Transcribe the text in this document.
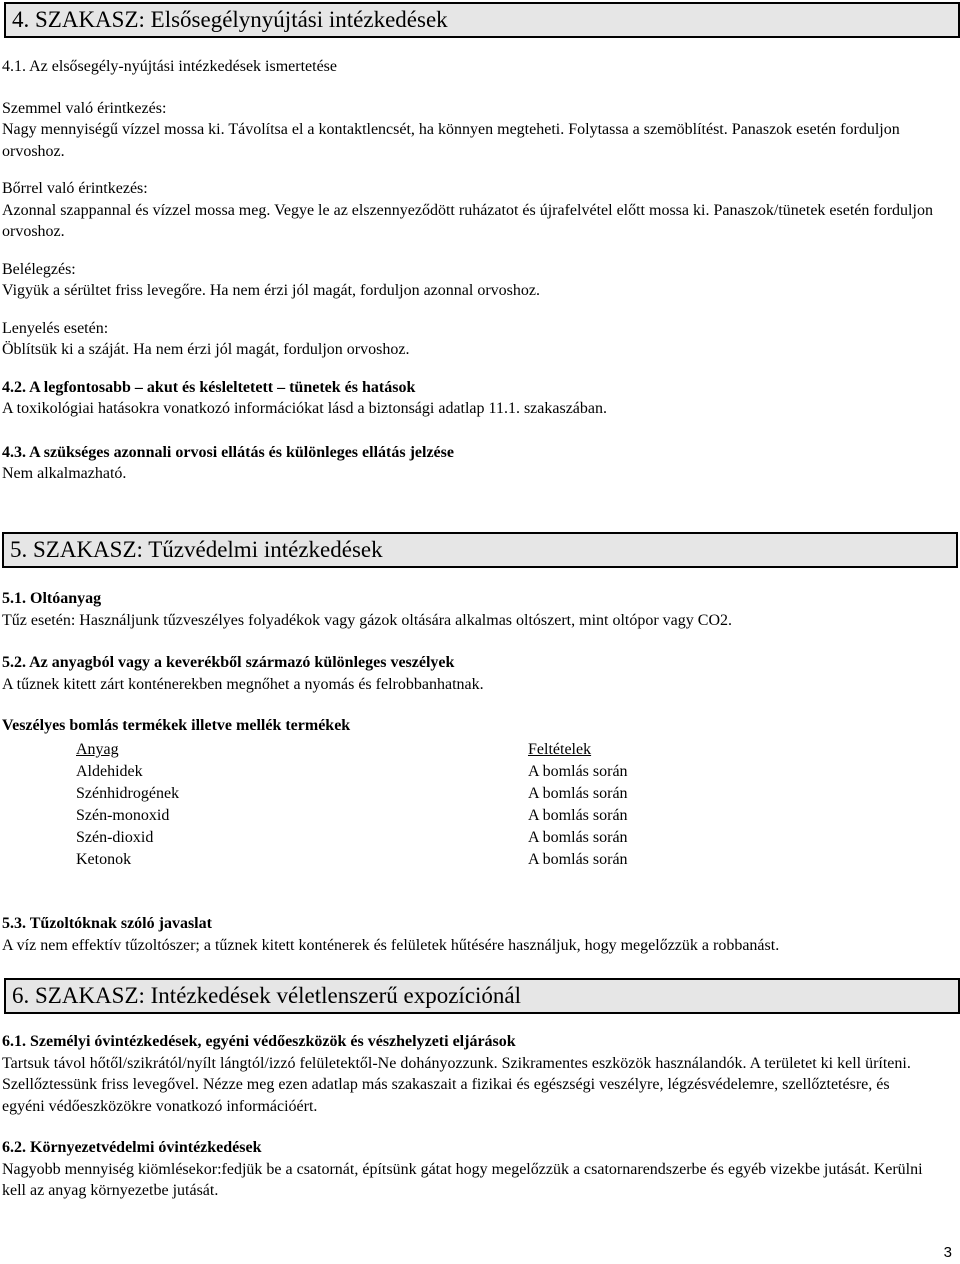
4. SZAKASZ: Elsősegélynyújtási intézkedések

4.1. Az elsősegély-nyújtási intézkedések ismertetése

Szemmel való érintkezés:

Nagy mennyiségű vízzel mossa ki. Távolítsa el a kontaktlencsét, ha könnyen megteheti. Folytassa a szemöblítést. Panaszok esetén forduljon orvoshoz.

Bőrrel való érintkezés:

Azonnal szappannal és vízzel mossa meg. Vegye le az elszennyeződött ruházatot és újrafelvétel előtt mossa ki. Panaszok/tünetek esetén forduljon orvoshoz.

Belélegzés:

Vigyük a sérültet friss levegőre. Ha nem érzi jól magát, forduljon azonnal orvoshoz.

Lenyelés esetén:

Öblítsük ki a száját. Ha nem érzi jól magát, forduljon orvoshoz.

4.2. A legfontosabb – akut és késleltetett – tünetek és hatások

A toxikológiai hatásokra vonatkozó információkat lásd a biztonsági adatlap 11.1. szakaszában.

4.3. A szükséges azonnali orvosi ellátás és különleges ellátás jelzése

Nem alkalmazható.

5. SZAKASZ: Tűzvédelmi intézkedések

5.1. Oltóanyag

Tűz esetén: Használjunk tűzveszélyes folyadékok vagy gázok oltására alkalmas oltószert, mint oltópor vagy CO2.

5.2. Az anyagból vagy a keverékből származó különleges veszélyek

A tűznek kitett zárt konténerekben megnőhet a nyomás és felrobbanhatnak.

Veszélyes bomlás termékek illetve mellék termékek

Anyag	Feltételek
Aldehidek	A bomlás során
Szénhidrogének	A bomlás során
Szén-monoxid	A bomlás során
Szén-dioxid	A bomlás során
Ketonok	A bomlás során

5.3. Tűzoltóknak szóló javaslat

A víz nem effektív tűzoltószer; a tűznek kitett konténerek és felületek hűtésére használjuk, hogy megelőzzük a robbanást.

6. SZAKASZ: Intézkedések véletlenszerű expozíciónál

6.1. Személyi óvintézkedések, egyéni védőeszközök és vészhelyzeti eljárások

Tartsuk távol hőtől/szikrától/nyílt lángtól/izzó felületektől-Ne dohányozzunk. Szikramentes eszközök használandók. A területet ki kell üríteni. Szellőztessünk friss levegővel. Nézze meg ezen adatlap más szakaszait a fizikai és egészségi veszélyre, légzésvédelemre, szellőztetésre, és egyéni védőeszközökre vonatkozó információért.

6.2. Környezetvédelmi óvintézkedések

Nagyobb mennyiség kiömlésekor:fedjük be a csatornát, építsünk gátat hogy megelőzzük a csatornarendszerbe és egyéb vizekbe jutását. Kerülni kell az anyag környezetbe jutását.

3
